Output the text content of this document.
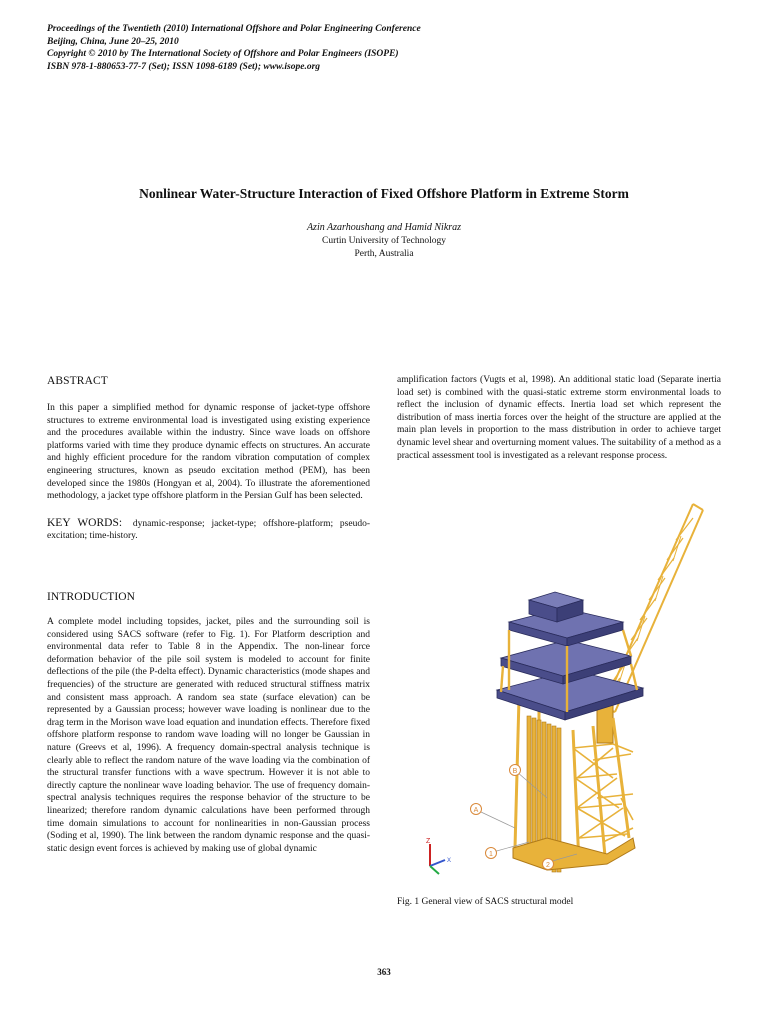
Proceedings of the Twentieth (2010) International Offshore and Polar Engineering Conference
Beijing, China, June 20–25, 2010
Copyright © 2010 by The International Society of Offshore and Polar Engineers (ISOPE)
ISBN 978-1-880653-77-7 (Set); ISSN 1098-6189 (Set); www.isope.org
Nonlinear Water-Structure Interaction of Fixed Offshore Platform in Extreme Storm
Azin Azarhoushang and Hamid Nikraz
Curtin University of Technology
Perth, Australia
ABSTRACT

In this paper a simplified method for dynamic response of jacket-type offshore structures to extreme environmental load is investigated using existing experience and the procedures available within the industry. Since wave loads on offshore platforms varied with time they produce dynamic effects on structures. An accurate and highly efficient procedure for the random vibration computation of complex engineering structures, known as pseudo excitation method (PEM), has been developed since the 1980s (Hongyan et al, 2004). To illustrate the aforementioned methodology, a jacket type offshore platform in the Persian Gulf has been selected.

KEY WORDS: dynamic-response; jacket-type; offshore-platform; pseudo-excitation; time-history.

INTRODUCTION

A complete model including topsides, jacket, piles and the surrounding soil is considered using SACS software (refer to Fig. 1). For Platform description and environmental data refer to Table 8 in the Appendix. The non-linear force deformation behavior of the pile soil system is modeled to account for finite deflections of the pile (the P-delta effect). Dynamic characteristics (mode shapes and frequencies) of the structure are generated with reduced structural stiffness matrix and consistent mass approach. A random sea state (surface elevation) can be represented by a Gaussian process; however wave loading is nonlinear due to the drag term in the Morison wave load equation and inundation effects. Therefore fixed offshore platform response to random wave loading will no longer be Gaussian in nature (Greevs et al, 1996). A frequency domain-spectral analysis technique is clearly able to reflect the random nature of the wave loading via the combination of the structural transfer functions with a wave spectrum. However it is not able to directly capture the nonlinear wave loading behavior. The use of frequency domain-spectral analysis techniques requires the response behavior of the structure to be linearized; therefore random dynamic calculations have been performed through time domain simulations to account for nonlinearities in non-Gaussian process (Soding et al, 1990). The link between the random dynamic response and the quasi-static design event forces is achieved by making use of global dynamic

amplification factors (Vugts et al, 1998). An additional static load (Separate inertia load set) is combined with the quasi-static extreme storm environmental loads to reflect the inclusion of dynamic effects. Inertia load set which represent the distribution of mass inertia forces over the height of the structure are applied at the main plan levels in proportion to the mass distribution in order to achieve target dynamic level shear and overturning moment values. The suitability of a method as a practical assessment tool is investigated as a relevant response process.

A
B
1
2
Z
X
Fig. 1 General view of SACS structural model
363
